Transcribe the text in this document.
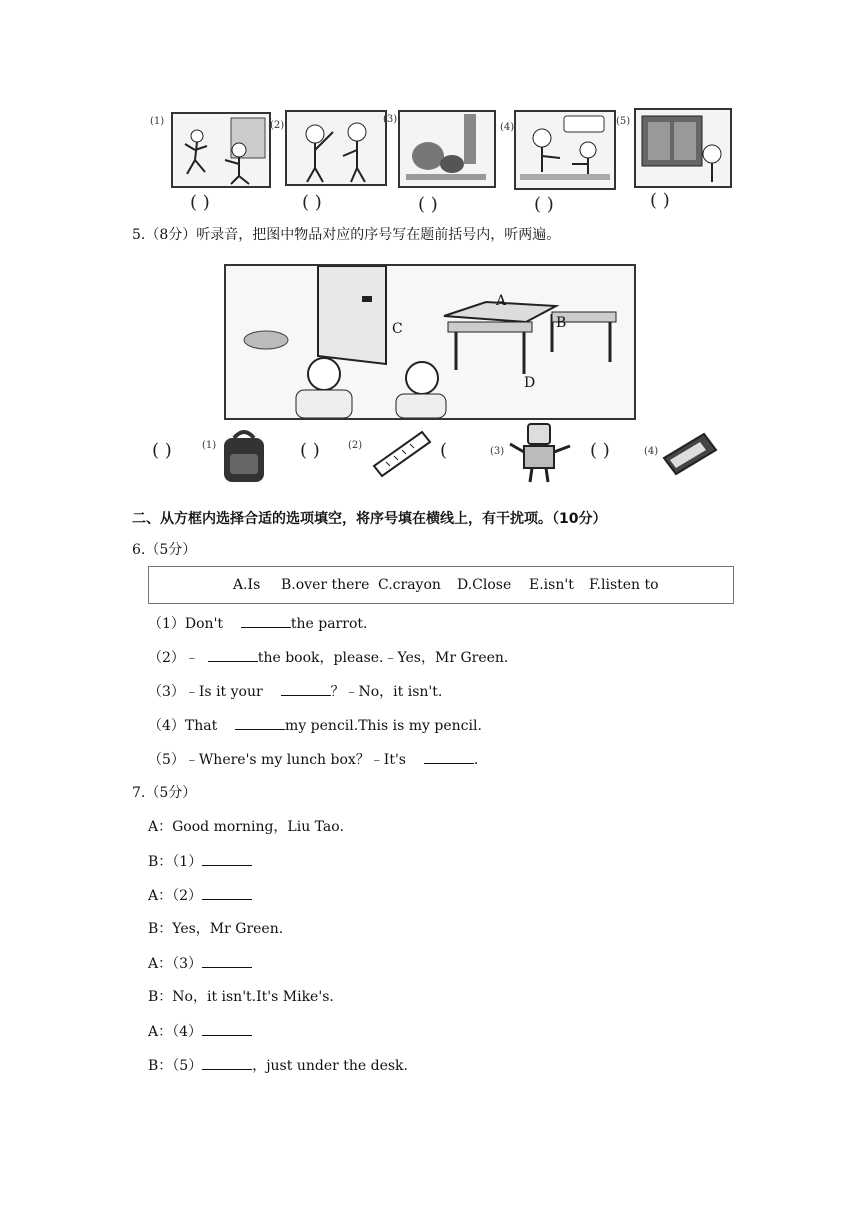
(1)	(2)
(3)
(4)
(5)
( )	( )	( )	( )	( )
5.（8分）听录音，把图中物品对应的序号写在题前括号内，听两遍。
A
B
C
D
( )	(1)	( )	(2)	(	(3)	( )	(4)
二、从方框内选择合适的选项填空，将序号填在横线上，有干扰项。（10分）
6.（5分）
A.Is B.over there C.crayon D.Close E.isn't F.listen to
（1）Don't	the parrot.
（2）﹣	the book，please.﹣Yes，Mr Green.
（3）﹣Is it your	？﹣No，it isn't.
（4）That	my pencil.This is my pencil.
（5）﹣Where's my lunch box？﹣It's	.
7.（5分）
A：Good morning，Liu Tao.
B：（1）
A：（2）
B：Yes，Mr Green.
A：（3）
B：No，it isn't.It's Mike's.
A：（4）
B：（5）	，just under the desk.
